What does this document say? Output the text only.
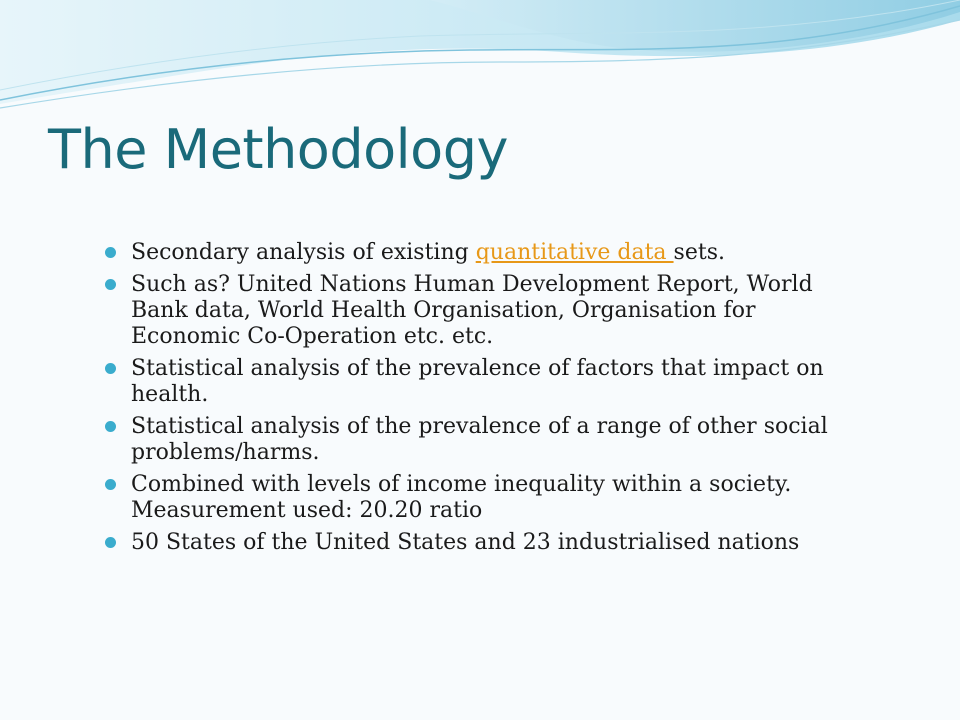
The Methodology
Secondary analysis of existing quantitative data sets.
Such as? United Nations Human Development Report, World Bank data, World Health Organisation, Organisation for Economic Co-Operation etc. etc.
Statistical analysis of the prevalence of factors that impact on health.
Statistical analysis of the prevalence of a range of other social problems/harms.
Combined with levels of income inequality within a society. Measurement used: 20.20 ratio
50 States of the United States and 23 industrialised nations
